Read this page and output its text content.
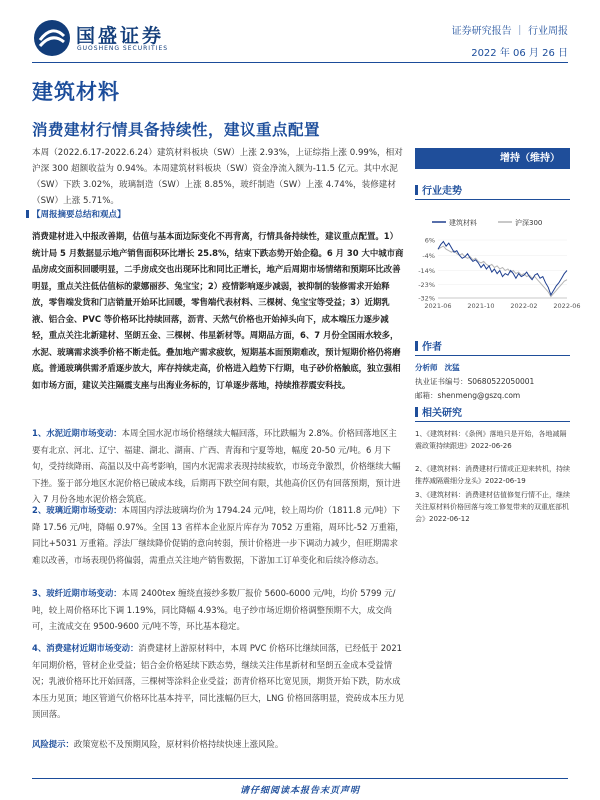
国盛证券
GUOSHENG SECURITIES
证券研究报告 ｜ 行业周报
2022 年 06 月 26 日
建筑材料
消费建材行情具备持续性，建议重点配置
本周（2022.6.17-2022.6.24）建筑材料板块（SW）上涨 2.93%，上证综指上涨 0.99%，相对沪深 300 超额收益为 0.94%。本周建筑材料板块（SW）资金净流入额为-11.5 亿元。其中水泥（SW）下跌 3.02%，玻璃制造（SW）上涨 8.85%，玻纤制造（SW）上涨 4.74%，装修建材（SW）上涨 5.71%。
增持（维持）
行业走势
建筑材料	沪深300
6%
-4%
-14%
-23%
-32%
2021-06 2021-10 2022-02 2022-06
作者
分析师 沈猛
执业证书编号：S0680522050001
邮箱：shenmeng@gszq.com
相关研究
1、《建筑材料：《条例》落地只是开始，各地减隔震政策持续跟进》2022-06-26
2、《建筑材料：消费建材行情或正迎来转机，持续推荐减隔震细分龙头》2022-06-19
3、《建筑材料：消费建材估值修复行情不止，继续关注原材料价格回落与竣工修复带来的双重底部机会》2022-06-12
【周报摘要总结和观点】
消费建材进入中报改善期，估值与基本面边际变化不再背离，行情具备持续性，建议重点配置。1）统计局 5 月数据显示地产销售面积环比增长 25.8%，结束下跌态势开始企稳。6 月 30 大中城市商品房成交面积回暖明显，二手房成交也出现环比和同比正增长，地产后周期市场情绪和预期环比改善明显，重点关注低估值标的蒙娜丽莎、兔宝宝；2）疫情影响逐步减弱，被抑制的装修需求开始释放，零售端发货和门店销量开始环比回暖，零售端代表材料、三棵树、兔宝宝等受益；3）近期乳液、铝合金、PVC 等价格环比持续回落，沥青、天然气价格也开始掉头向下，成本端压力逐步减轻，重点关注北新建材、坚朗五金、三棵树、伟星新材等。周期品方面，6、7 月份全国雨水较多，水泥、玻璃需求淡季价格不断走低。叠加地产需求疲软，短期基本面预期难改，预计短期价格仍将磨底。普通玻璃供需矛盾逐步放大，库存持续走高，价格进入趋势下行期，电子砂价格触底，独立强相如市场方面，建议关注隔震支座与出海业务标的，订单逐步落地，持续推荐震安科技。
1、水泥近期市场变动：本周全国水泥市场价格继续大幅回落，环比跌幅为 2.8%。价格回落地区主要有北京、河北、辽宁、福建、湖北、湖南、广西、青海和宁夏等地，幅度 20-50 元/吨。6 月下旬，受持续降雨、高温以及中高考影响，国内水泥需求表现持续疲软，市场竞争激烈，价格继续大幅下挫。鉴于部分地区水泥价格已破成本线，后期再下跌空间有限，其他高价区仍有回落预期，预计进入 7 月份各地水泥价格会筑底。
2、玻璃近期市场变动：本周国内浮法玻璃均价为 1794.24 元/吨，较上周均价（1811.8 元/吨）下降 17.56 元/吨，降幅 0.97%。全国 13 省样本企业原片库存为 7052 万重箱，周环比-52 万重箱，同比+5031 万重箱。浮法厂继续降价促销的意向转弱，预计价格进一步下调动力减少，但旺期需求难以改善，市场表现仍将偏弱，需重点关注地产销售数据，下游加工订单变化和后续冷修动态。
3、玻纤近期市场变动：本周 2400tex 缠绕直接纱多数厂报价 5600-6000 元/吨，均价 5799 元/吨，较上周价格环比下调 1.19%，同比降幅 4.93%。电子纱市场近期价格调整预期不大，成交尚可，主流成交在 9500-9600 元/吨不等，环比基本稳定。
4、消费建材近期市场变动：消费建材上游原材料中，本周 PVC 价格环比继续回落，已经低于 2021 年同期价格，管材企业受益；铝合金价格延续下跌态势，继续关注伟星新材和坚朗五金成本受益情况；乳液价格环比开始回落，三棵树等涂料企业受益；沥青价格环比宽见顶，期货开始下跌，防水成本压力见顶；地区管道气价格环比基本持平，同比涨幅仍巨大，LNG 价格回落明显，瓷砖成本压力见顶回落。
风险提示：政策宽松不及预期风险，原材料价格持续快速上涨风险。
请仔细阅读本报告末页声明
